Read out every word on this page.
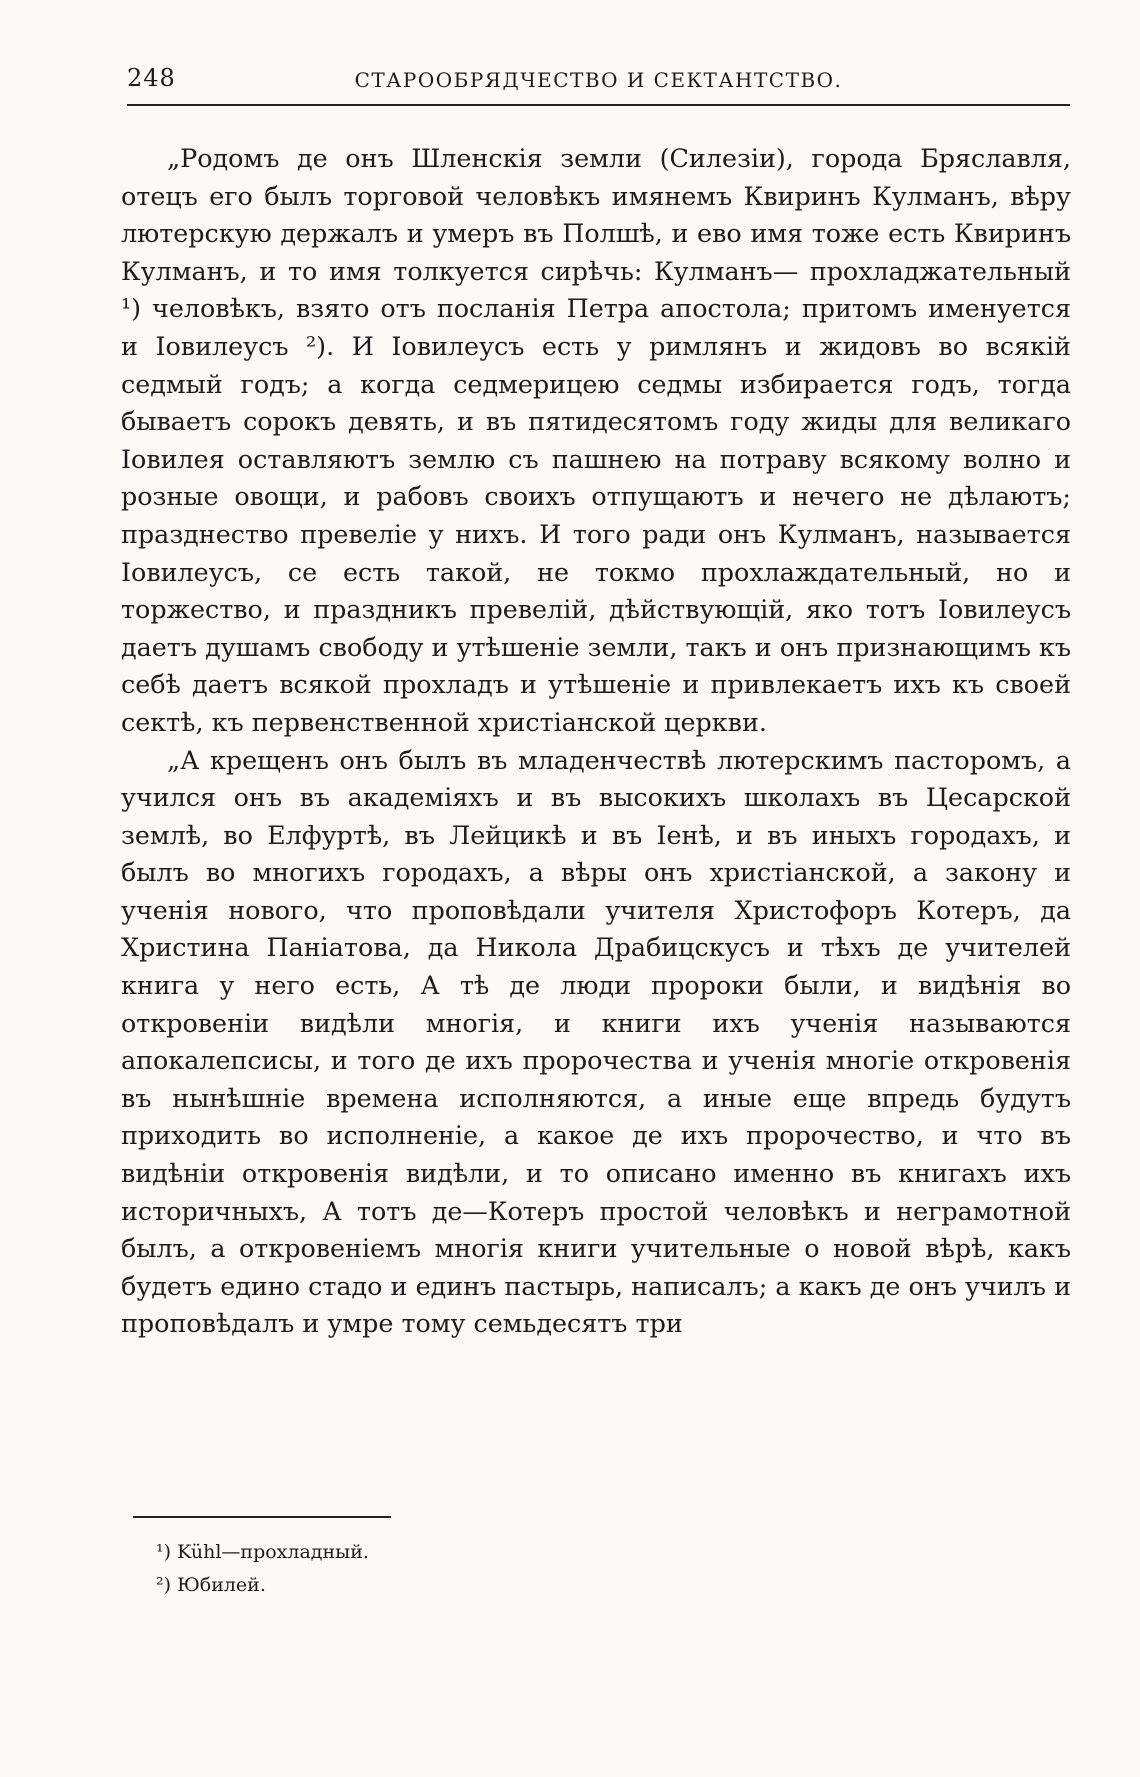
248	СТАРООБРЯДЧЕСТВО И СЕКТАНТСТВО.

„Родомъ де онъ Шленскія земли (Силезіи), города Бряславля, отецъ его былъ торговой человѣкъ имянемъ Квиринъ Кулманъ, вѣру лютерскую держалъ и умеръ въ Полшѣ, и ево имя тоже есть Квиринъ Кулманъ, и то имя толкуется сирѣчь: Кулманъ— прохладжательный ¹) человѣкъ, взято отъ посланія Петра апостола; притомъ именуется и Іовилеусъ ²). И Іовилеусъ есть у римлянъ и жидовъ во всякій седмый годъ; а когда седмерицею седмы избирается годъ, тогда бываетъ сорокъ девять, и въ пятидесятомъ году жиды для великаго Іовилея оставляютъ землю съ пашнею на потраву всякому волно и розные овощи, и рабовъ своихъ отпущаютъ и нечего не дѣлаютъ; празднество превеліе у нихъ. И того ради онъ Кулманъ, называется Іовилеусъ, се есть такой, не токмо прохлаждательный, но и торжество, и праздникъ превелій, дѣйствующій, яко тотъ Іовилеусъ даетъ душамъ свободу и утѣшеніе земли, такъ и онъ признающимъ къ себѣ даетъ всякой прохладъ и утѣшеніе и привлекаетъ ихъ къ своей сектѣ, къ первенственной христіанской церкви.

„А крещенъ онъ былъ въ младенчествѣ лютерскимъ пасторомъ, а учился онъ въ академіяхъ и въ высокихъ школахъ въ Цесарской землѣ, во Елфуртѣ, въ Лейцикѣ и въ Іенѣ, и въ иныхъ городахъ, и былъ во многихъ городахъ, а вѣры онъ христіанской, а закону и ученія нового, что проповѣдали учителя Христофоръ Котеръ, да Христина Паніатова, да Никола Драбицскусъ и тѣхъ де учителей книга у него есть, А тѣ де люди пророки были, и видѣнія во откровеніи видѣли многія, и книги ихъ ученія называются апокалепсисы, и того де ихъ пророчества и ученія многіе откровенія въ нынѣшніе времена исполняются, а иные еще впредь будутъ приходить во исполненіе, а какое де ихъ пророчество, и что въ видѣніи откровенія видѣли, и то описано именно въ книгахъ ихъ историчныхъ, А тотъ де—Котеръ простой человѣкъ и неграмотной былъ, а откровеніемъ многія книги учительные о новой вѣрѣ, какъ будетъ едино стадо и единъ пастырь, написалъ; а какъ де онъ училъ и проповѣдалъ и умре тому семьдесятъ три

¹) Kühl—прохладный.
²) Юбилей.
